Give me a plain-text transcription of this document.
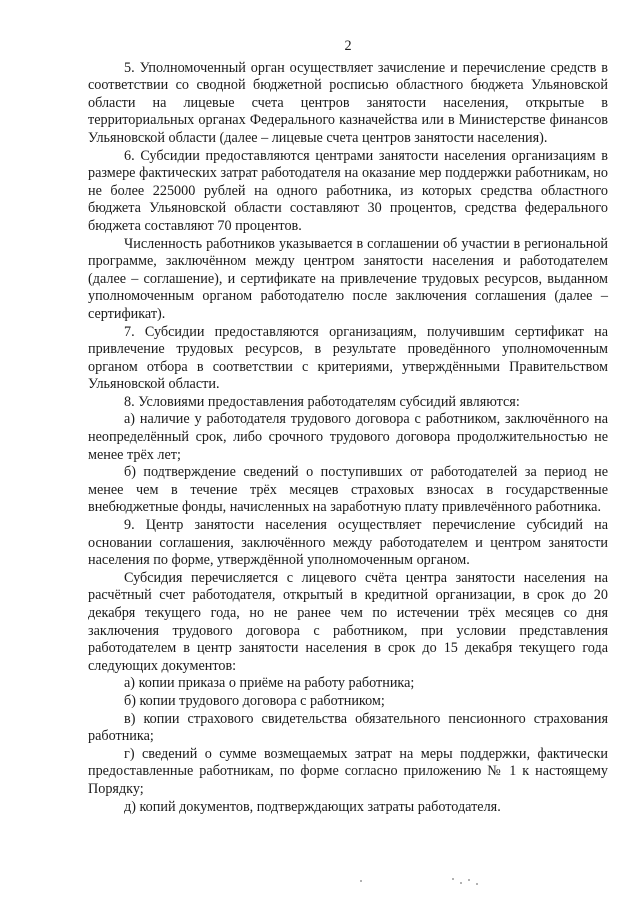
2

5. Уполномоченный орган осуществляет зачисление и перечисление средств в соответствии со сводной бюджетной росписью областного бюджета Ульяновской области на лицевые счета центров занятости населения, открытые в территориальных органах Федерального казначейства или в Министерстве финансов Ульяновской области (далее – лицевые счета центров занятости населения).

6. Субсидии предоставляются центрами занятости населения организациям в размере фактических затрат работодателя на оказание мер поддержки работникам, но не более 225000 рублей на одного работника, из которых средства областного бюджета Ульяновской области составляют 30 процентов, средства федерального бюджета составляют 70 процентов.

Численность работников указывается в соглашении об участии в региональной программе, заключённом между центром занятости населения и работодателем (далее – соглашение), и сертификате на привлечение трудовых ресурсов, выданном уполномоченным органом работодателю после заключения соглашения (далее – сертификат).

7. Субсидии предоставляются организациям, получившим сертификат на привлечение трудовых ресурсов, в результате проведённого уполномоченным органом отбора в соответствии с критериями, утверждёнными Правительством Ульяновской области.

8. Условиями предоставления работодателям субсидий являются:

а) наличие у работодателя трудового договора с работником, заключённого на неопределённый срок, либо срочного трудового договора продолжительностью не менее трёх лет;

б) подтверждение сведений о поступивших от работодателей за период не менее чем в течение трёх месяцев страховых взносах в государственные внебюджетные фонды, начисленных на заработную плату привлечённого работника.

9. Центр занятости населения осуществляет перечисление субсидий на основании соглашения, заключённого между работодателем и центром занятости населения по форме, утверждённой уполномоченным органом.

Субсидия перечисляется с лицевого счёта центра занятости населения на расчётный счет работодателя, открытый в кредитной организации, в срок до 20 декабря текущего года, но не ранее чем по истечении трёх месяцев со дня заключения трудового договора с работником, при условии представления работодателем в центр занятости населения в срок до 15 декабря текущего года следующих документов:

а) копии приказа о приёме на работу работника;

б) копии трудового договора с работником;

в) копии страхового свидетельства обязательного пенсионного страхования работника;

г) сведений о сумме возмещаемых затрат на меры поддержки, фактически предоставленные работникам, по форме согласно приложению № 1 к настоящему Порядку;

д) копий документов, подтверждающих затраты работодателя.
